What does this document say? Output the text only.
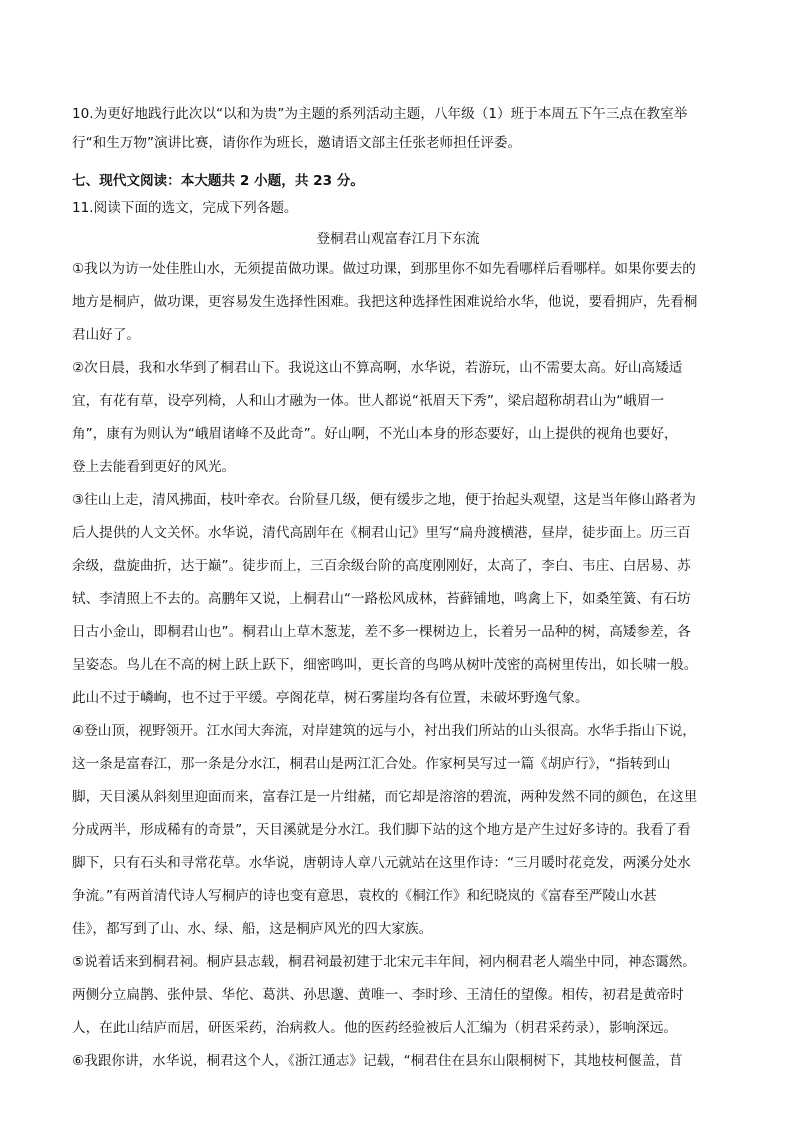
10.为更好地践行此次以“以和为贵”为主题的系列活动主题，八年级（1）班于本周五下午三点在教室举
行“和生万物”演讲比赛，请你作为班长，邀请语文部主任张老师担任评委。
七、现代文阅读：本大题共 2 小题，共 23 分。
11.阅读下面的选文，完成下列各题。
登桐君山观富春江月下东流
①我以为访一处佳胜山水，无须提苗做功课。做过功课，到那里你不如先看哪样后看哪样。如果你要去的
地方是桐庐，做功课，更容易发生选择性困难。我把这种选择性困难说给水华，他说，要看拥庐，先看桐
君山好了。
②次日晨，我和水华到了桐君山下。我说这山不算高啊，水华说，若游玩，山不需要太高。好山高矮适
宜，有花有草，设亭列椅，人和山才融为一体。世人都说“祇眉天下秀”，梁启超称胡君山为“峨眉一
角”，康有为则认为“峨眉诸峰不及此奇”。好山啊，不光山本身的形态要好，山上提供的视角也要好，
登上去能看到更好的风光。
③往山上走，清风拂面，枝叶牵衣。台阶昼几级，便有缓步之地，便于抬起头观望，这是当年修山路者为
后人提供的人文关怀。水华说，清代高剧年在《桐君山记》里写“扁舟渡横港，昼岸，徒步面上。历三百
余级，盘旋曲折，达于巅”。徒步而上，三百余级台阶的高度刚刚好，太高了，李白、韦庄、白居易、苏
轼、李清照上不去的。高鹏年又说，上桐君山“一路松风成林，苔藓铺地，鸣禽上下，如桑笙簧、有石坊
日古小金山，即桐君山也”。桐君山上草木葱茏，差不多一棵树边上，长着另一品种的树，高矮参差，各
呈姿态。鸟儿在不高的树上跃上跃下，细密鸣叫，更长音的鸟鸣从树叶茂密的高树里传出，如长啸一般。
此山不过于嶙峋，也不过于平缓。亭阁花草，树石雾崖均各有位置，未破坏野逸气象。
④登山顶，视野领开。江水闰大奔流，对岸建筑的远与小，衬出我们所站的山头很高。水华手指山下说，
这一条是富春江，那一条是分水江，桐君山是两江汇合处。作家柯昊写过一篇《胡庐行》，“指转到山
脚，天目溪从斜刻里迎面而来，富春江是一片绀赭，而它却是溶溶的碧流，两种发然不同的颜色，在这里
分成两半，形成稀有的奇景”，天目溪就是分水江。我们脚下站的这个地方是产生过好多诗的。我看了看
脚下，只有石头和寻常花草。水华说，唐朝诗人章八元就站在这里作诗：“三月暖时花竞发，两溪分处水
争流。”有两首清代诗人写桐庐的诗也变有意思，袁枚的《桐江作》和纪晓岚的《富春至严陵山水甚
佳》，都写到了山、水、绿、船，这是桐庐风光的四大家族。
⑤说着话来到桐君祠。桐庐县志载，桐君祠最初建于北宋元丰年间，祠内桐君老人端坐中同，神态霭然。
两侧分立扁鹊、张仲景、华佗、葛洪、孙思邈、黄唯一、李时珍、王清任的望像。相传，初君是黄帝时
人，在此山结庐而居，研医采药，治病救人。他的医药经验被后人汇编为（枂君采药录），影响深远。
⑥我跟你讲，水华说，桐君这个人，《浙江通志》记载，“桐君住在县东山限桐树下，其地枝柯偃盖，苜
